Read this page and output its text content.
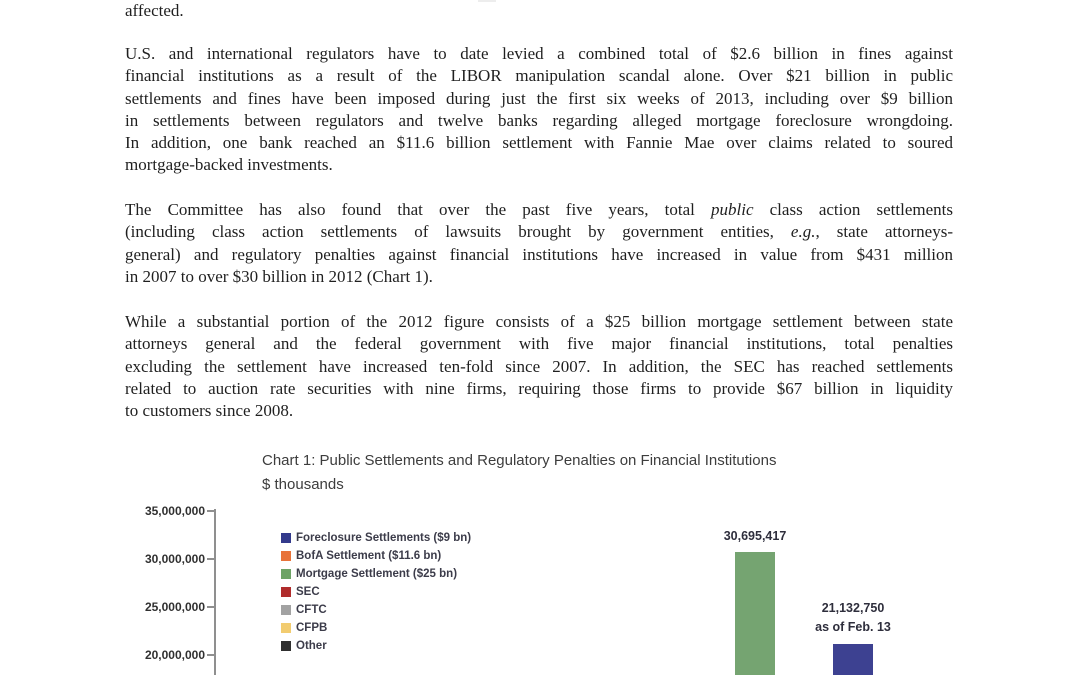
affected.
U.S. and international regulators have to date levied a combined total of $2.6 billion in fines against
financial institutions as a result of the LIBOR manipulation scandal alone. Over $21 billion in public
settlements and fines have been imposed during just the first six weeks of 2013, including over $9 billion
in settlements between regulators and twelve banks regarding alleged mortgage foreclosure wrongdoing.
In addition, one bank reached an $11.6 billion settlement with Fannie Mae over claims related to soured
mortgage-backed investments.
The Committee has also found that over the past five years, total public class action settlements
(including class action settlements of lawsuits brought by government entities, e.g., state attorneys-
general) and regulatory penalties against financial institutions have increased in value from $431 million
in 2007 to over $30 billion in 2012 (Chart 1).
While a substantial portion of the 2012 figure consists of a $25 billion mortgage settlement between state
attorneys general and the federal government with five major financial institutions, total penalties
excluding the settlement have increased ten-fold since 2007. In addition, the SEC has reached settlements
related to auction rate securities with nine firms, requiring those firms to provide $67 billion in liquidity
to customers since 2008.
Chart 1: Public Settlements and Regulatory Penalties on Financial Institutions
$ thousands
35,000,000
30,000,000
25,000,000
20,000,000
Foreclosure Settlements ($9 bn)
BofA Settlement ($11.6 bn)
Mortgage Settlement ($25 bn)
SEC
CFTC
CFPB
Other
30,695,417
21,132,750
as of Feb. 13
